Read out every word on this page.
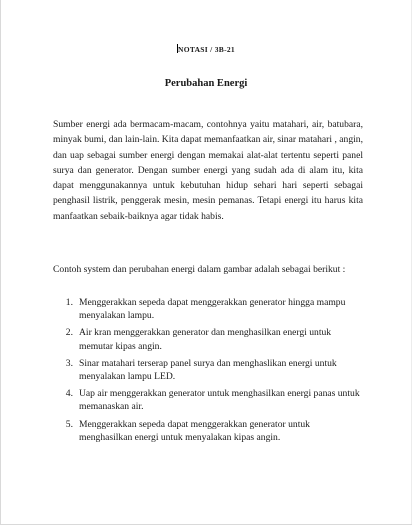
NOTASI / 3B-21
Perubahan Energi

Sumber energi ada bermacam-macam, contohnya yaitu matahari, air, batubara, minyak bumi, dan lain-lain. Kita dapat memanfaatkan air, sinar matahari , angin, dan uap sebagai sumber energi dengan memakai alat-alat tertentu seperti panel surya dan generator. Dengan sumber energi yang sudah ada di alam itu, kita dapat menggunakannya untuk kebutuhan hidup sehari hari seperti sebagai penghasil listrik, penggerak mesin, mesin pemanas. Tetapi energi itu harus kita manfaatkan sebaik-baiknya agar tidak habis.

Contoh system dan perubahan energi dalam gambar adalah sebagai berikut :

1. Menggerakkan sepeda dapat menggerakkan generator hingga mampu menyalakan lampu.
2. Air kran menggerakkan generator dan menghasilkan energi untuk memutar kipas angin.
3. Sinar matahari terserap panel surya dan menghaslikan energi untuk menyalakan lampu LED.
4. Uap air menggerakkan generator untuk menghasilkan energi panas untuk memanaskan air.
5. Menggerakkan sepeda dapat menggerakkan generator untuk menghasilkan energi untuk menyalakan kipas angin.
